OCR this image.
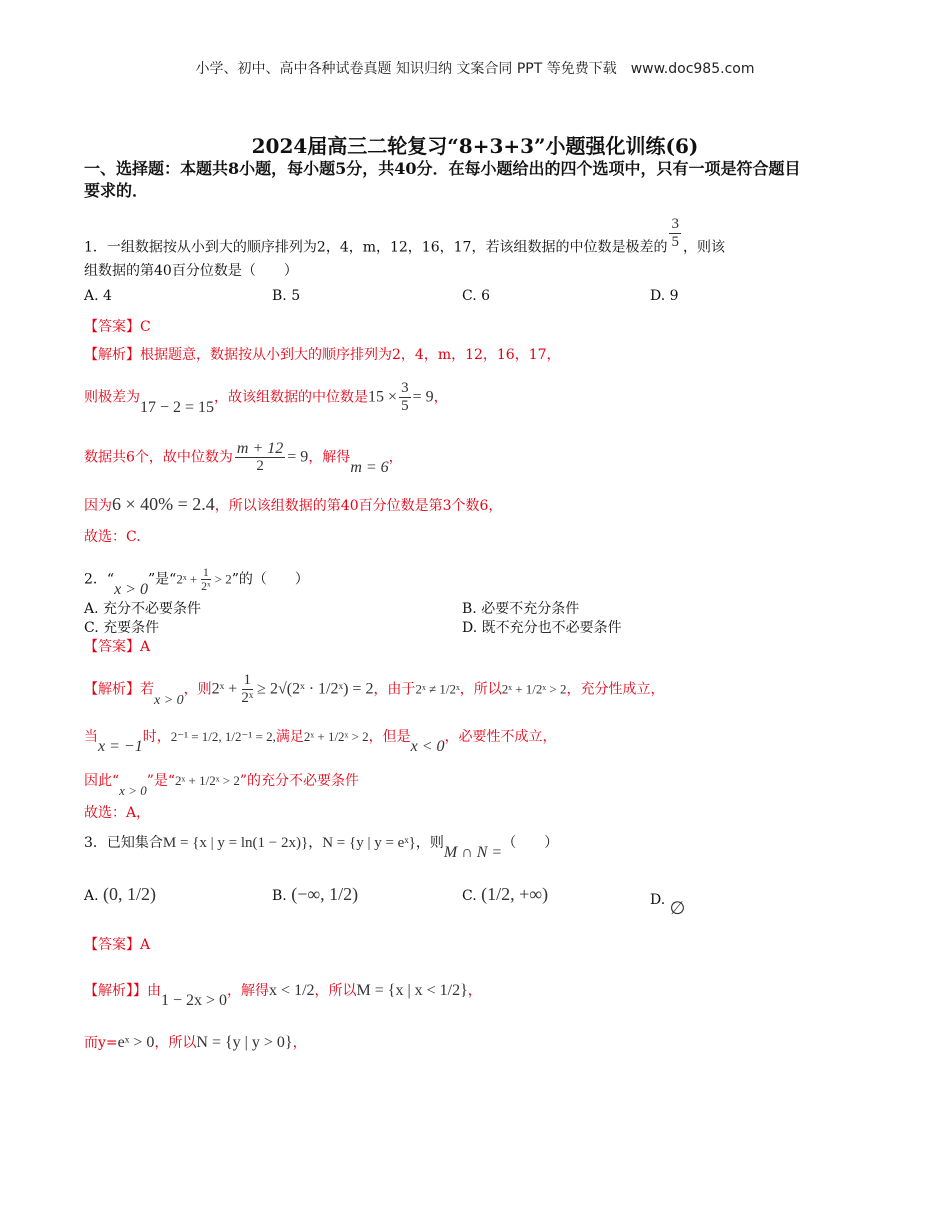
小学、初中、高中各种试卷真题 知识归纳 文案合同 PPT 等免费下载　www.doc985.com
2024届高三二轮复习“8+3+3”小题强化训练(6)
一、选择题：本题共8小题，每小题5分，共40分．在每小题给出的四个选项中，只有一项是符合题目要求的．
1．一组数据按从小到大的顺序排列为2，4，m，12，16，17，若该组数据的中位数是极差的 $\frac{3}{5}$ ，则该
组数据的第40百分位数是（　　）
A. 4	B. 5	C. 6	D. 9
【答案】C
【解析】根据题意，数据按从小到大的顺序排列为2，4，m，12，16，17，
则极差为17 − 2 = 15，故该组数据的中位数是$15 \times \frac{3}{5} = 9$，
数据共6个，故中位数为 $\frac{m + 12}{2} = 9$，解得m = 6，
因为6 × 40% = 2.4，所以该组数据的第40百分位数是第3个数6，
故选：C.
2．“x > 0”是“2ˣ + $\frac{1}{\text{2ˣ}} > 2$”的（　　）
A. 充分不必要条件	B. 必要不充分条件
C. 充要条件	D. 既不充分也不必要条件
【答案】A
【解析】若x > 0，则2ˣ + $\frac{1}{\text{2ˣ}}$ ≥ 2√(2ˣ · 1/2ˣ) = 2，由于2ˣ ≠ 1/2ˣ，所以2ˣ + 1/2ˣ > 2，充分性成立，
当x = −1时，2⁻¹ = 1/2, 1/2⁻¹ = 2,满足2ˣ + 1/2ˣ > 2，但是x < 0，必要性不成立，
因此“x > 0”是“2ˣ + 1/2ˣ > 2”的充分不必要条件
故选：A，
3．已知集合M = {x | y = ln(1 − 2x)}，N = {y | y = eˣ}，则M ∩ N =（　　）
A. (0, 1/2)	B. (−∞, 1/2)	C. (1/2, +∞)	D. ∅
【答案】A
【解析】】由1 − 2x > 0，解得x < 1/2，所以M = {x | x < 1/2}，
而y=eˣ > 0，所以N = {y | y > 0}，
